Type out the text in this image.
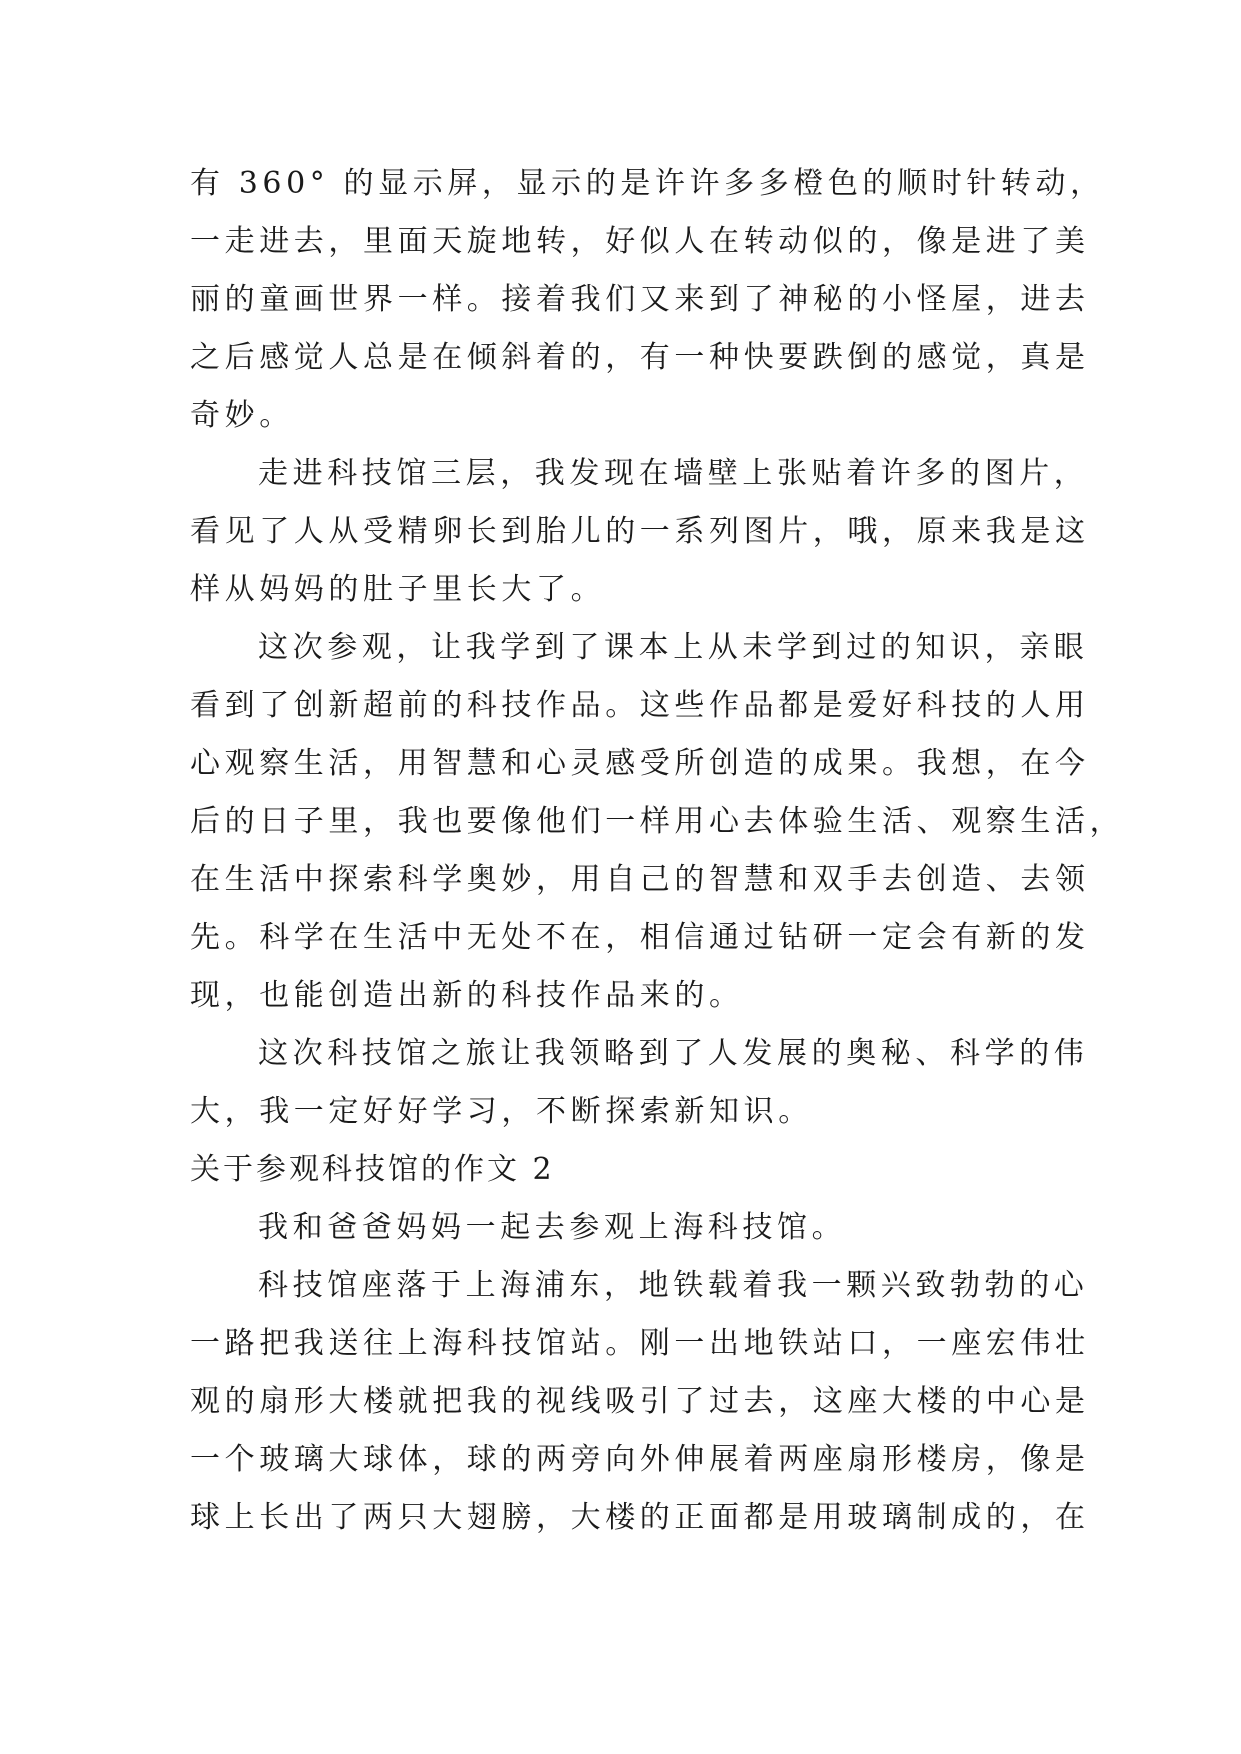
有 360° 的显示屏，显示的是许许多多橙色的顺时针转动，
一走进去，里面天旋地转，好似人在转动似的，像是进了美
丽的童画世界一样。接着我们又来到了神秘的小怪屋，进去
之后感觉人总是在倾斜着的，有一种快要跌倒的感觉，真是
奇妙。
走进科技馆三层，我发现在墙壁上张贴着许多的图片，
看见了人从受精卵长到胎儿的一系列图片，哦，原来我是这
样从妈妈的肚子里长大了。
这次参观，让我学到了课本上从未学到过的知识，亲眼
看到了创新超前的科技作品。这些作品都是爱好科技的人用
心观察生活，用智慧和心灵感受所创造的成果。我想，在今
后的日子里，我也要像他们一样用心去体验生活、观察生活，
在生活中探索科学奥妙，用自己的智慧和双手去创造、去领
先。科学在生活中无处不在，相信通过钻研一定会有新的发
现，也能创造出新的科技作品来的。
这次科技馆之旅让我领略到了人发展的奥秘、科学的伟
大，我一定好好学习，不断探索新知识。
关于参观科技馆的作文 2
我和爸爸妈妈一起去参观上海科技馆。
科技馆座落于上海浦东，地铁载着我一颗兴致勃勃的心
一路把我送往上海科技馆站。刚一出地铁站口，一座宏伟壮
观的扇形大楼就把我的视线吸引了过去，这座大楼的中心是
一个玻璃大球体，球的两旁向外伸展着两座扇形楼房，像是
球上长出了两只大翅膀，大楼的正面都是用玻璃制成的，在
